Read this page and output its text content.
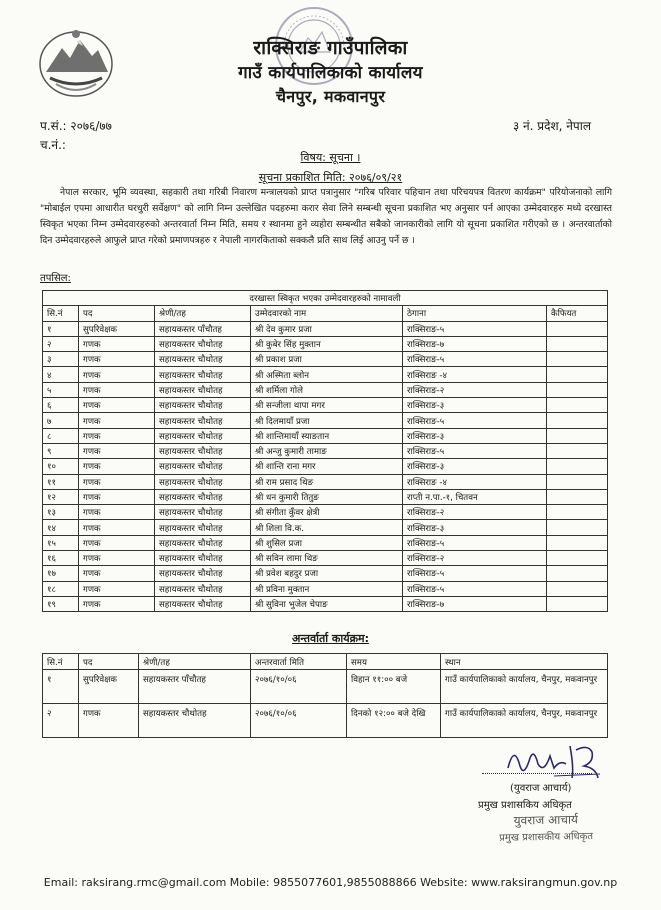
राक्सिराङ गाउँपालिका
गाउँ कार्यपालिकाको कार्यालय
चैनपुर, मकवानपुर
प.सं.: २०७६/७७
च.नं.:
३ नं. प्रदेश, नेपाल
विषय: सूचना ।
सूचना प्रकाशित मिति: २०७६/०९/२१
नेपाल सरकार, भूमि व्यवस्था, सहकारी तथा गरिबी निवारण मन्त्रालयको प्राप्त पत्रानुसार "गरिब परिवार पहिचान तथा परिचयपत्र वितरण कार्यक्रम" परियोजनाको लागि "मोबाईल एपमा आधारीत घरधुरी सर्वेक्षण" को लागि निम्न उल्लेखित पदहरुमा करार सेवा लिने सम्बन्धी सूचना प्रकाशित भए अनुसार पर्न आएका उम्मेदवारहरु मध्ये दरखास्त स्विकृत भएका निम्न उम्मेदवारहरुको अन्तरवार्ता निम्न मिति, समय र स्थानमा हुने व्यहोरा सम्बन्धीत सबैको जानकारीको लागि यो सूचना प्रकाशित गरीएको छ । अन्तरवार्ताको दिन उम्मेदवारहरुले आफुले प्राप्त गरेको प्रमाणपत्रहरु र नेपाली नागरकिताको सक्कलै प्रति साथ लिई आउनु पर्ने छ ।
तपसिल:
दरखास्त स्विकृत भएका उम्मेदवारहरुको नामावली					
सि.नं	पद	श्रेणी/तह	उम्मेदवारको नाम	ठेगाना	कैफियत
१	सुपरिवेक्षक	सहायकस्तर पाँचौतह	श्री देव कुमार प्रजा	राक्सिराङ-५	
२	गणक	सहायकस्तर चौथोतह	श्री कुबेर सिंह मुक्तान	राक्सिराङ-७	
३	गणक	सहायकस्तर चौथोतह	श्री प्रकाश प्रजा	राक्सिराङ-५	
४	गणक	सहायकस्तर चौथोतह	श्री अस्मिता ब्लोन	राक्सिराङ -४	
५	गणक	सहायकस्तर चौथोतह	श्री शर्मिला गोले	राक्सिराङ-२	
६	गणक	सहायकस्तर चौथोतह	श्री सन्जीला थापा मगर	राक्सिराङ-३	
७	गणक	सहायकस्तर चौथोतह	श्री दिलमायाँ प्रजा	राक्सिराङ-५	
८	गणक	सहायकस्तर चौथोतह	श्री शान्तिमायाँ स्याङतान	राक्सिराङ-३	
९	गणक	सहायकस्तर चौथोतह	श्री अन्जु कुमारी तामाङ	राक्सिराङ-५	
१०	गणक	सहायकस्तर चौथोतह	श्री शान्ति राना मगर	राक्सिराङ-३	
११	गणक	सहायकस्तर चौथोतह	श्री राम प्रसाद थिङ	राक्सिराङ -४	
१२	गणक	सहायकस्तर चौथोतह	श्री धन कुमारी तितुङ	राप्ती न.पा.-१, चितवन	
१३	गणक	सहायकस्तर चौथोतह	श्री संगीता कुँवर क्षेत्री	राक्सिराङ-२	
१४	गणक	सहायकस्तर चौथोतह	श्री शिला वि.क.	राक्सिराङ-३	
१५	गणक	सहायकस्तर चौथोतह	श्री शुसिल प्रजा	राक्सिराङ-५	
१६	गणक	सहायकस्तर चौथोतह	श्री सविन लामा थिङ	राक्सिराङ-२	
१७	गणक	सहायकस्तर चौथोतह	श्री प्रवेश बहदुर प्रजा	राक्सिराङ-५	
१८	गणक	सहायकस्तर चौथोतह	श्री प्रविना मुक्तान	राक्सिराङ-५	
१९	गणक	सहायकस्तर चौथोतह	श्री सुविना भुजेल चेपाङ	राक्सिराङ-७	
अन्तर्वार्ता कार्यक्रम:
सि.नं	पद	श्रेणी/तह	अन्तरवार्ता मिति	समय	स्थान
१	सुपरिवेक्षक	सहायकस्तर पाँचौतह	२०७६/१०/०६	विहान ११:०० बजे	गाउँ कार्यपालिकाको कार्यालय, चैनपुर, मकवानपुर
२	गणक	सहायकस्तर चौथोतह	२०७६/१०/०६	दिनको १२:०० बजे देखि	गाउँ कार्यपालिकाको कार्यालय, चैनपुर, मकवानपुर
(युवराज आचार्य)
प्रमुख प्रशासकिय अधिकृत
युवराज आचार्य
प्रमुख प्रशासकीय अधिकृत
Email: raksirang.rmc@gmail.com Mobile: 9855077601,9855088866 Website: www.raksirangmun.gov.np
